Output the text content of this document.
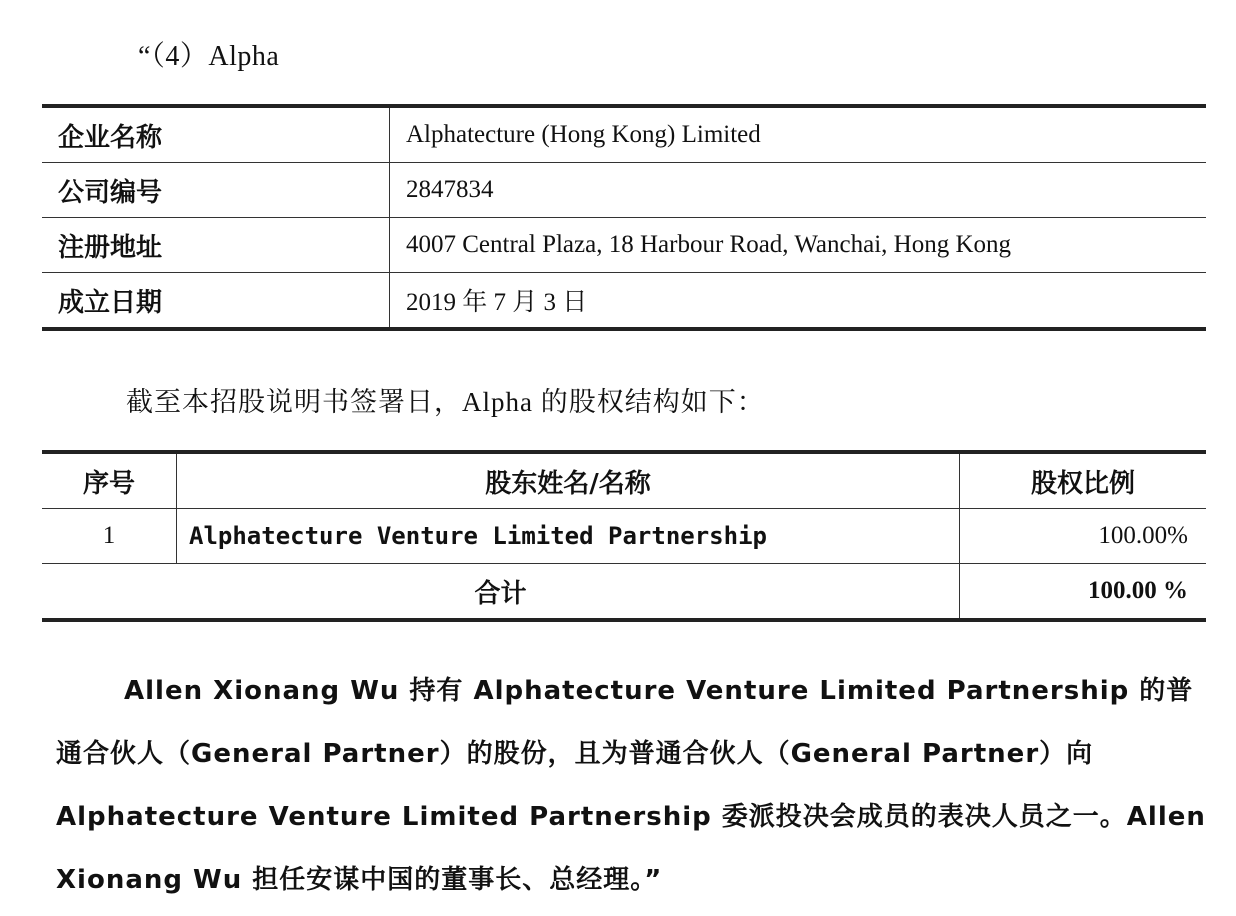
“（4）Alpha
企业名称	Alphatecture (Hong Kong) Limited
公司编号	2847834
注册地址	4007 Central Plaza, 18 Harbour Road, Wanchai, Hong Kong
成立日期	2019 年 7 月 3 日
截至本招股说明书签署日，Alpha 的股权结构如下：
序号	股东姓名/名称	股权比例
1	Alphatecture Venture Limited Partnership	100.00%
合计		100.00 %
Allen Xionang Wu 持有 Alphatecture Venture Limited Partnership 的普通合伙人（General Partner）的股份，且为普通合伙人（General Partner）向 Alphatecture Venture Limited Partnership 委派投决会成员的表决人员之一。Allen Xionang Wu 担任安谋中国的董事长、总经理。”
